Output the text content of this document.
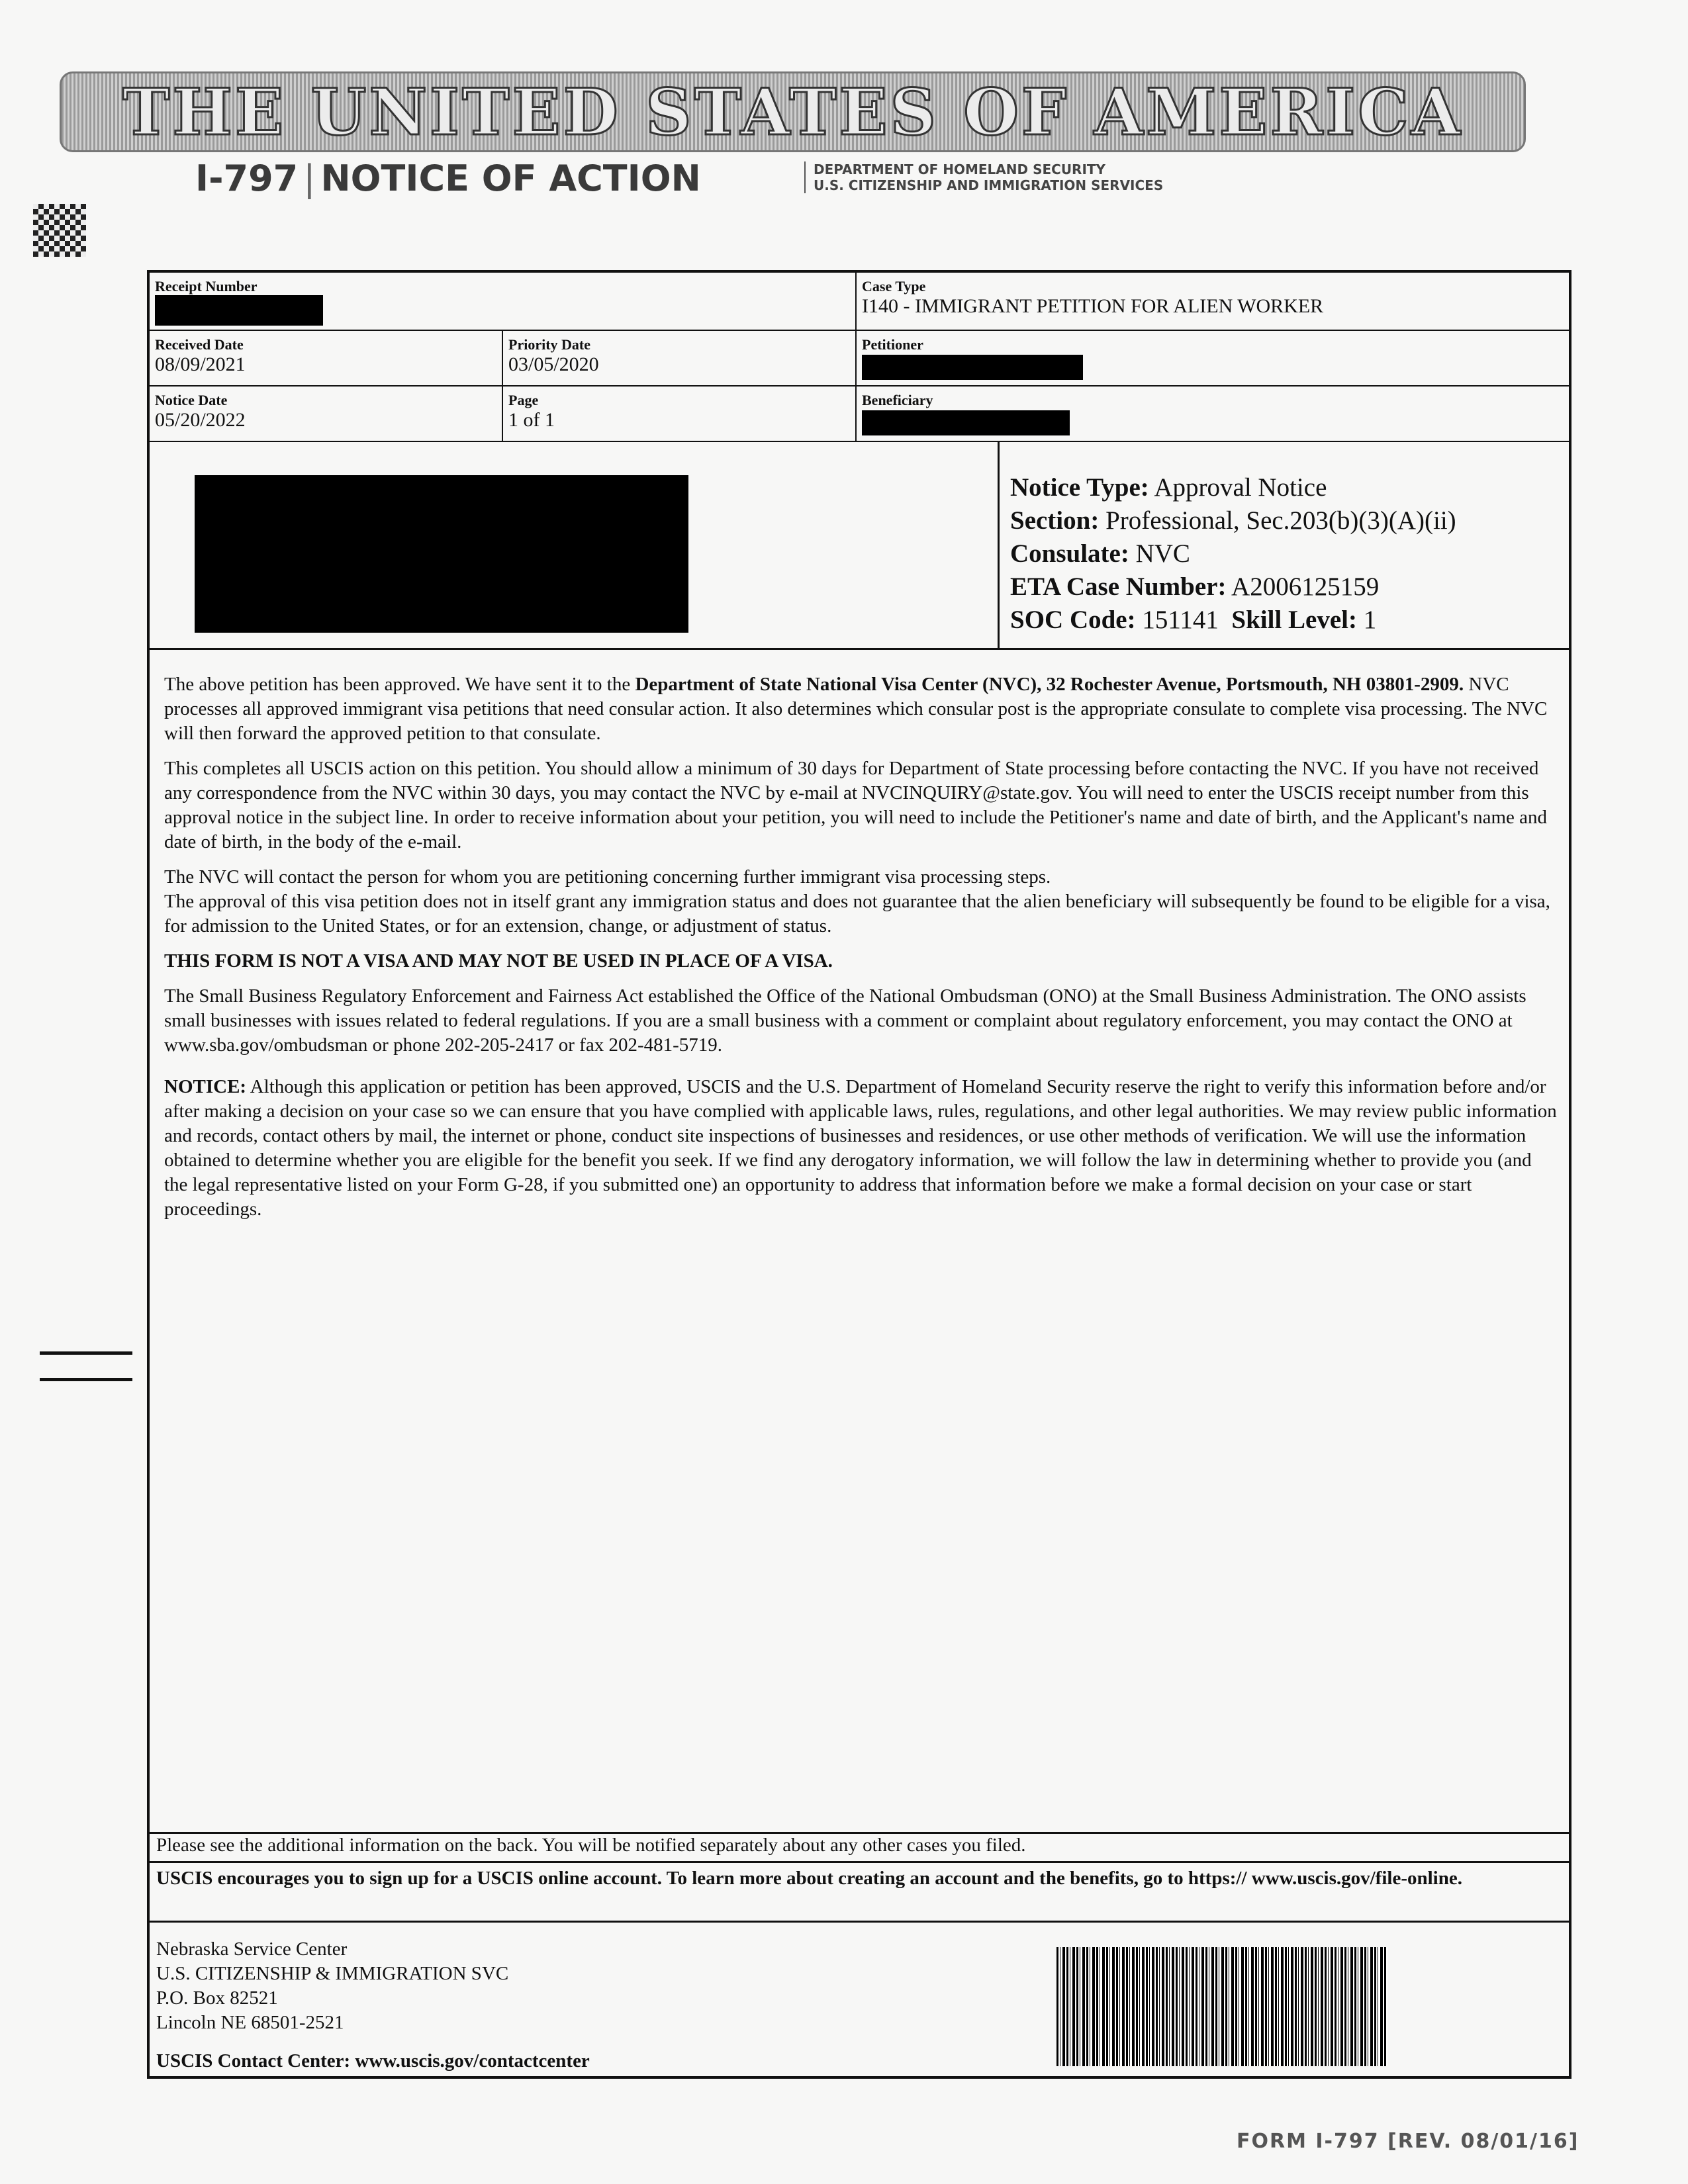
THE UNITED STATES OF AMERICA
I-797 | NOTICE OF ACTION	DEPARTMENT OF HOMELAND SECURITY
U.S. CITIZENSHIP AND IMMIGRATION SERVICES
Receipt Number	Case Type
I140 - IMMIGRANT PETITION FOR ALIEN WORKER
Received Date
08/09/2021
Priority Date
03/05/2020
Petitioner
Notice Date
05/20/2022
Page
1 of 1
Beneficiary
Notice Type: Approval Notice
Section: Professional, Sec.203(b)(3)(A)(ii)
Consulate: NVC
ETA Case Number: A2006125159
SOC Code: 151141 Skill Level: 1

The above petition has been approved. We have sent it to the Department of State National Visa Center (NVC), 32 Rochester Avenue, Portsmouth, NH 03801-2909. NVC processes all approved immigrant visa petitions that need consular action. It also determines which consular post is the appropriate consulate to complete visa processing. The NVC will then forward the approved petition to that consulate.

This completes all USCIS action on this petition. You should allow a minimum of 30 days for Department of State processing before contacting the NVC. If you have not received any correspondence from the NVC within 30 days, you may contact the NVC by e-mail at NVCINQUIRY@state.gov. You will need to enter the USCIS receipt number from this approval notice in the subject line. In order to receive information about your petition, you will need to include the Petitioner's name and date of birth, and the Applicant's name and date of birth, in the body of the e-mail.

The NVC will contact the person for whom you are petitioning concerning further immigrant visa processing steps.

The approval of this visa petition does not in itself grant any immigration status and does not guarantee that the alien beneficiary will subsequently be found to be eligible for a visa, for admission to the United States, or for an extension, change, or adjustment of status.

THIS FORM IS NOT A VISA AND MAY NOT BE USED IN PLACE OF A VISA.

The Small Business Regulatory Enforcement and Fairness Act established the Office of the National Ombudsman (ONO) at the Small Business Administration. The ONO assists small businesses with issues related to federal regulations. If you are a small business with a comment or complaint about regulatory enforcement, you may contact the ONO at www.sba.gov/ombudsman or phone 202-205-2417 or fax 202-481-5719.

NOTICE: Although this application or petition has been approved, USCIS and the U.S. Department of Homeland Security reserve the right to verify this information before and/or after making a decision on your case so we can ensure that you have complied with applicable laws, rules, regulations, and other legal authorities. We may review public information and records, contact others by mail, the internet or phone, conduct site inspections of businesses and residences, or use other methods of verification. We will use the information obtained to determine whether you are eligible for the benefit you seek. If we find any derogatory information, we will follow the law in determining whether to provide you (and the legal representative listed on your Form G-28, if you submitted one) an opportunity to address that information before we make a formal decision on your case or start proceedings.

Please see the additional information on the back. You will be notified separately about any other cases you filed.
USCIS encourages you to sign up for a USCIS online account. To learn more about creating an account and the benefits, go to https:// www.uscis.gov/file-online.
Nebraska Service Center
U.S. CITIZENSHIP & IMMIGRATION SVC
P.O. Box 82521
Lincoln NE 68501-2521
USCIS Contact Center: www.uscis.gov/contactcenter
FORM I-797 [REV. 08/01/16]
